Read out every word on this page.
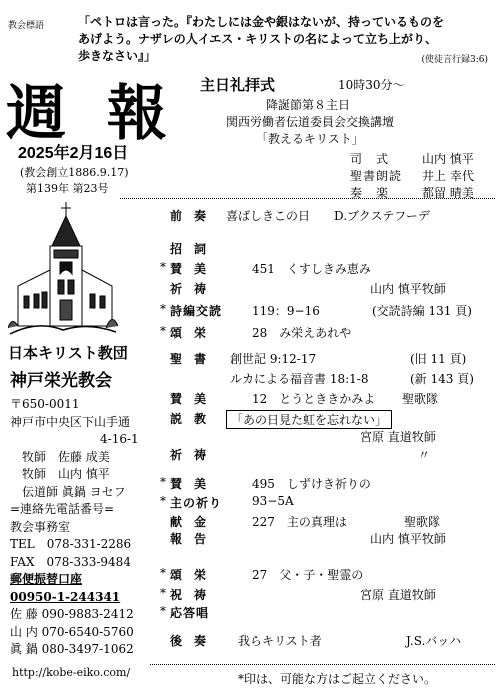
教会標語	「ペトロは言った。『わたしには金や銀はないが、持っているものを
あげよう。ナザレの人イエス・キリストの名によって立ち上がり、
歩きなさい』」	(使徒言行録3:6)
週 報 主日礼拝式	10時30分〜
降誕節第８主日
関西労働者伝道委員会交換講壇
「教えるキリスト」
2025年2月16日
(教会創立1886.9.17)
第139年 第23号
司　式	山内 慎平
聖書朗読 井上 幸代
奏　楽	都留 晴美
日本キリスト教団
神戸栄光教会
〒650-0011
神戸市中央区下山手通
4-16-1
牧師　佐藤 成美
牧師　山内 慎平
伝道師 眞鍋 ヨセフ
=連絡先電話番号=
教会事務室
TEL　078-331-2286
FAX　078-333-9484
郵便振替口座
00950-1-244341
佐 藤 090-9883-2412
山 内 070-6540-5760
眞 鍋 080-3497-1062
http://kobe-eiko.com/
前奏 喜ばしきこの日 D.ブクステフーデ
招詞
* 賛美	451　くすしきみ恵み
祈祷	山内 慎平牧師
* 詩編交読 119：9−16	(交読詩編 131 頁)
* 頌栄	28　み栄えあれや
聖書 創世記 9:12-17	(旧 11 頁)
ルカによる福音書 18:1-8	(新 143 頁)
賛美	12　とうとききかみよ 聖歌隊
説教	「あの日見た虹を忘れない」
宮原 直道牧師
祈祷	〃
* 賛美	495　しずけき祈りの
* 主の祈り 93−5A
献金	227　主の真理は	聖歌隊
報告	山内 慎平牧師
* 頌栄	27　父・子・聖霊の
* 祝祷	宮原 直道牧師
* 応答唱
後奏 我らキリスト者	J.S.バッハ
*印は、可能な方はご起立ください。
